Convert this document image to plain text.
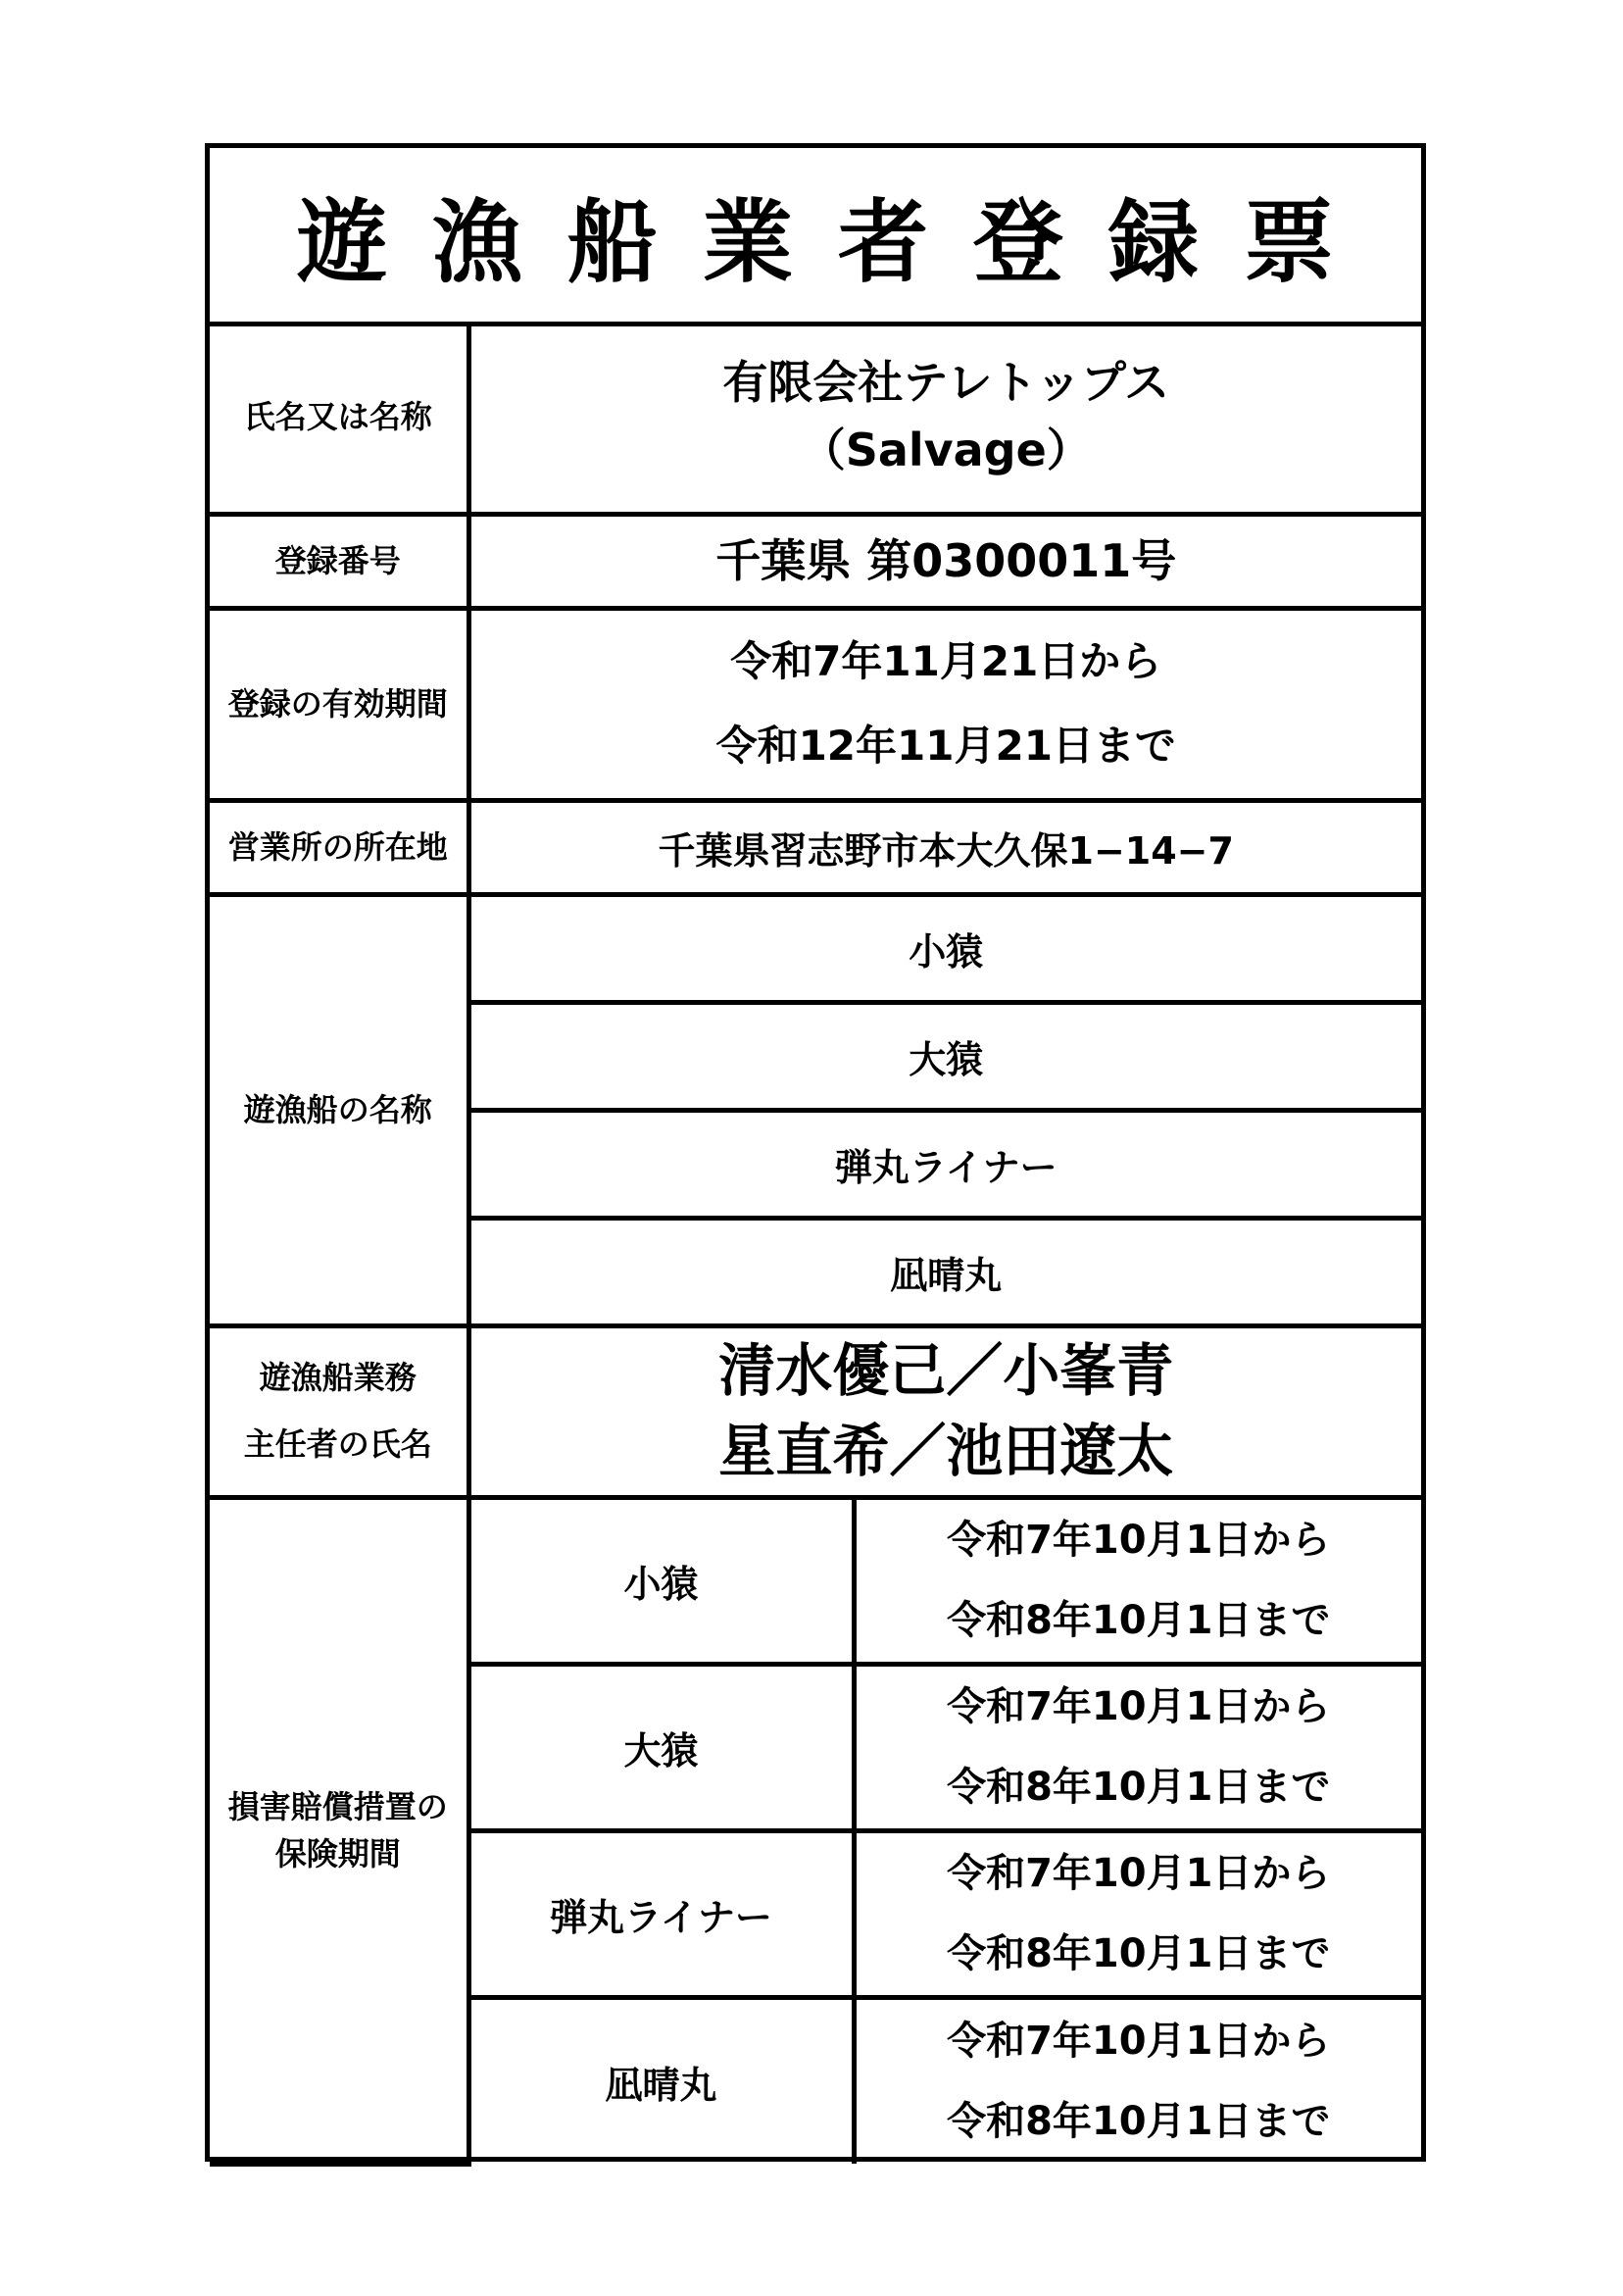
遊漁船業者登録票
氏名又は名称	有限会社テレトップス
（Salvage）	

登録番号	千葉県 第0300011号	
登録の有効期間	令和7年11月21日から
令和12年11月21日まで	

営業所の所在地	千葉県習志野市本大久保1−14−7	
遊漁船の名称	小猿	
	大猿	
	弾丸ライナー	
	凪晴丸	

遊漁船業務
主任者の氏名	清水優己／小峯青
星直希／池田遼太	

損害賠償措置の
保険期間	小猿	令和7年10月1日から
令和8年10月1日まで

	大猿	令和7年10月1日から
令和8年10月1日まで

	弾丸ライナー	令和7年10月1日から
令和8年10月1日まで

	凪晴丸	令和7年10月1日から
令和8年10月1日まで
